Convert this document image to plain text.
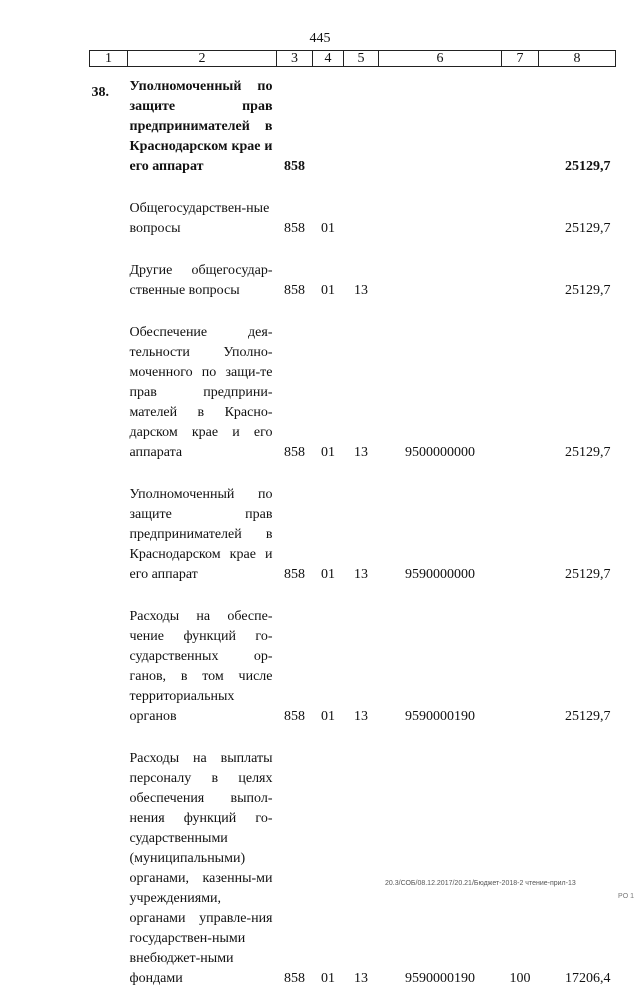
445
1	2	3	4	5	6	7	8
38.	Уполномоченный по защите прав предпринимателей в Краснодарском крае и его аппарат	858					25129,7

	Общегосударствен-ные вопросы	858	01				25129,7

	Другие общегосудар-ственные вопросы	858	01	13			25129,7

	Обеспечение дея-тельности Уполно-моченного по защи-те прав предприни-мателей в Красно-дарском крае и его аппарата	858	01	13	9500000000		25129,7

	Уполномоченный по защите прав предпринимателей в Краснодарском крае и его аппарат	858	01	13	9590000000		25129,7

	Расходы на обеспе-чение функций го-сударственных ор-ганов, в том числе территориальных органов	858	01	13	9590000190		25129,7

	Расходы на выплаты персоналу в целях обеспечения выпол-нения функций го-сударственными (муниципальными) органами, казенны-ми учреждениями, органами управле-ния государствен-ными внебюджет-ными фондами	858	01	13	9590000190	100	17206,4
20.3/СОБ/08.12.2017/20.21/Бюджет-2018-2 чтение-прил-13
PO 1
